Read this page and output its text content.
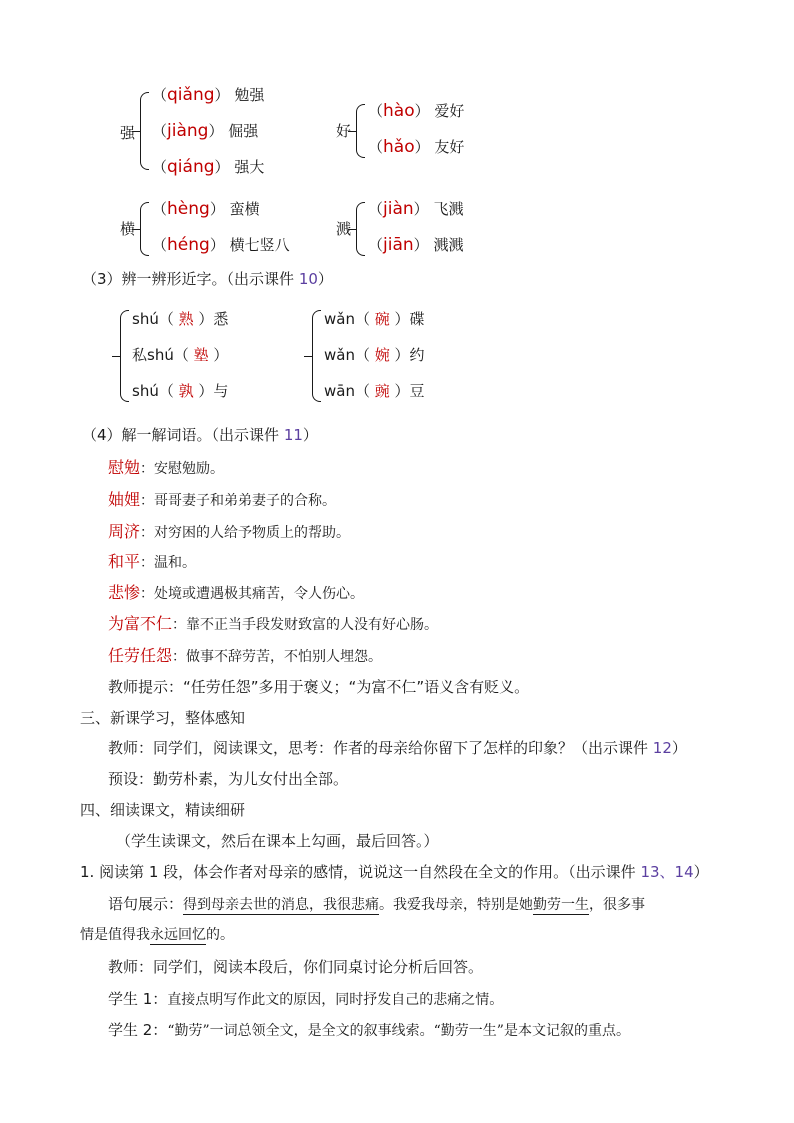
强
（qiǎng） 勉强
（jiàng） 倔强
（qiáng） 强大
好
（hào） 爱好
（hǎo） 友好
横
（hèng） 蛮横
（héng） 横七竖八
溅
（jiàn） 飞溅
（jiān） 溅溅
（3）辨一辨形近字。（出示课件 10）
shú（ 熟 ）悉
私shú（ 塾 ）
shú（ 孰 ）与
wǎn（ 碗 ）碟
wǎn（ 婉 ）约
wān（ 豌 ）豆
（4）解一解词语。（出示课件 11）
慰勉：安慰勉励。
妯娌：哥哥妻子和弟弟妻子的合称。
周济：对穷困的人给予物质上的帮助。
和平：温和。
悲惨：处境或遭遇极其痛苦，令人伤心。
为富不仁：靠不正当手段发财致富的人没有好心肠。
任劳任怨：做事不辞劳苦，不怕别人埋怨。
教师提示：“任劳任怨”多用于褒义；“为富不仁”语义含有贬义。
三、新课学习，整体感知
教师：同学们，阅读课文，思考：作者的母亲给你留下了怎样的印象？（出示课件 12）
预设：勤劳朴素，为儿女付出全部。
四、细读课文，精读细研
（学生读课文，然后在课本上勾画，最后回答。）
1. 阅读第 1 段，体会作者对母亲的感情，说说这一自然段在全文的作用。（出示课件 13、14）
语句展示：得到母亲去世的消息，我很悲痛。我爱我母亲，特别是她勤劳一生，很多事
情是值得我永远回忆的。
教师：同学们，阅读本段后，你们同桌讨论分析后回答。
学生 1：直接点明写作此文的原因，同时抒发自己的悲痛之情。
学生 2：“勤劳”一词总领全文，是全文的叙事线索。“勤劳一生”是本文记叙的重点。
